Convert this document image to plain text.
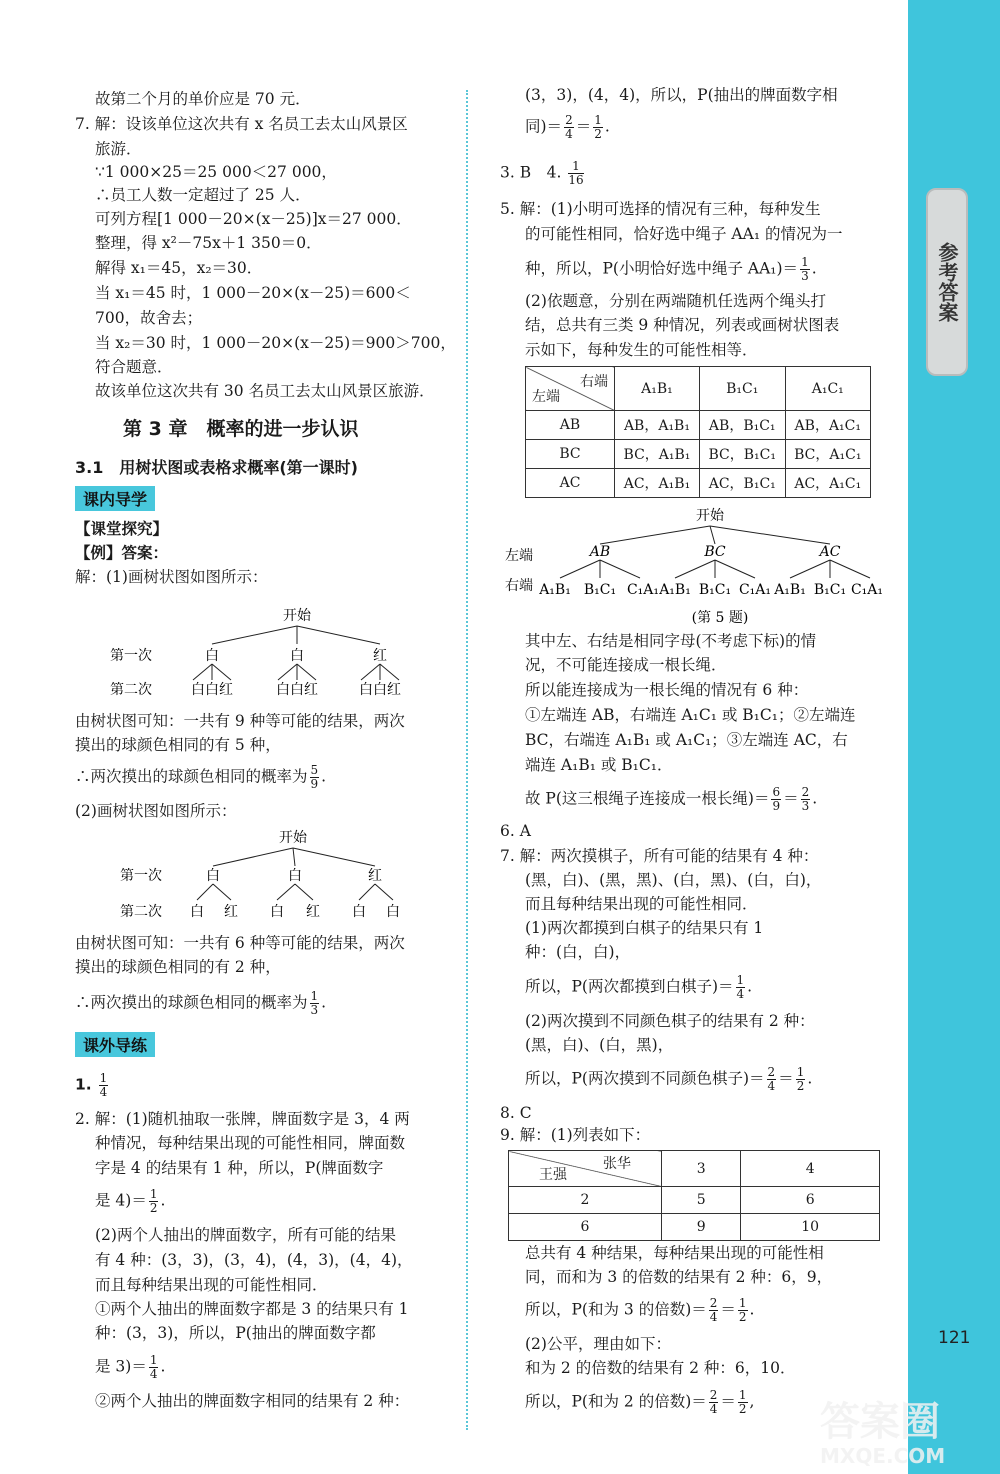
参考答案
121
故第二个月的单价应是 70 元．
7. 解：设该单位这次共有 x 名员工去太山风景区
旅游．
∵1 000×25＝25 000＜27 000，
∴员工人数一定超过了 25 人．
可列方程[1 000－20×(x－25)]x＝27 000．
整理，得 x²－75x＋1 350＝0．
解得 x₁＝45，x₂＝30．
当 x₁＝45 时，1 000－20×(x－25)＝600＜
700，故舍去；
当 x₂＝30 时，1 000－20×(x－25)＝900＞700，
符合题意．
故该单位这次共有 30 名员工去太山风景区旅游．
第 3 章　概率的进一步认识
3.1　用树状图或表格求概率(第一课时)
课内导学
【课堂探究】
【例】答案：
解：(1)画树状图如图所示：
开始
第一次	白	白	红
第二次	白白红	白白红	白白红
由树状图可知：一共有 9 种等可能的结果，两次
摸出的球颜色相同的有 5 种，
∴两次摸出的球颜色相同的概率为 $\frac{5}{9}$ .
(2)画树状图如图所示：
开始
第一次	白	白	红
第二次 白 红 白 红 白 白
由树状图可知：一共有 6 种等可能的结果，两次
摸出的球颜色相同的有 2 种，
∴两次摸出的球颜色相同的概率为 $\frac{1}{3}$ .
课外导练
1. $\frac{1}{4}$
2. 解：(1)随机抽取一张牌，牌面数字是 3，4 两
种情况，每种结果出现的可能性相同，牌面数
字是 4 的结果有 1 种，所以，P(牌面数字
是 $4)= \frac{1}{2}$ .
(2)两个人抽出的牌面数字，所有可能的结果
有 4 种：(3，3)，(3，4)，(4，3)，(4，4)，
而且每种结果出现的可能性相同．
①两个人抽出的牌面数字都是 3 的结果只有 1
种：(3，3)，所以，P(抽出的牌面数字都
是 $3)= \frac{1}{4}$ .
②两个人抽出的牌面数字相同的结果有 2 种：
(3，3)，(4，4)，所以，P(抽出的牌面数字相
同)＝ $\frac{2}{4} = \frac{1}{2}$ .
3. B　4. $\frac{1}{16}$
5. 解：(1)小明可选择的情况有三种，每种发生
的可能性相同，恰好选中绳子 AA₁ 的情况为一
种，所以，P(小明恰好选中绳子 $AA_1)= \frac{1}{3}$ .
(2)依题意，分别在两端随机任选两个绳头打
结，总共有三类 9 种情况，列表或画树状图表
示如下，每种发生的可能性相等．
右端
左端	A₁B₁	B₁C₁	A₁C₁
AB	AB，A₁B₁	AB，B₁C₁	AB，A₁C₁
BC	BC，A₁B₁	BC，B₁C₁	BC，A₁C₁
AC	AC，A₁B₁	AC，B₁C₁	AC，A₁C₁
开始
左端	AB	BC	AC
右端 A₁B₁ B₁C₁ C₁A₁ A₁B₁ B₁C₁ C₁A₁ A₁B₁ B₁C₁ C₁A₁
(第 5 题)
其中左、右结是相同字母(不考虑下标)的情
况，不可能连接成一根长绳．
所以能连接成为一根长绳的情况有 6 种：
①左端连 AB，右端连 A₁C₁ 或 B₁C₁；②左端连
BC，右端连 A₁B₁ 或 A₁C₁；③左端连 AC，右
端连 A₁B₁ 或 B₁C₁．
故 P(这三根绳子连接成一根长绳)＝ $\frac{6}{9} = \frac{2}{3}$ .
6. A
7. 解：两次摸棋子，所有可能的结果有 4 种：
(黑，白)、(黑，黑)、(白，黑)、(白，白)，
而且每种结果出现的可能性相同．
(1)两次都摸到白棋子的结果只有 1
种：(白，白)，
所以，P(两次都摸到白棋子)＝ $\frac{1}{4}$ .
(2)两次摸到不同颜色棋子的结果有 2 种：
(黑，白)、(白，黑)，
所以，P(两次摸到不同颜色棋子)＝ $\frac{2}{4} = \frac{1}{2}$ .
8. C
9. 解：(1)列表如下：
张华
王强	3	4
2	5	6
6	9	10
总共有 4 种结果，每种结果出现的可能性相
同，而和为 3 的倍数的结果有 2 种：6，9，
所以，P(和为 3 的倍数)＝ $\frac{2}{4} = \frac{1}{2}$ .
(2)公平，理由如下：
和为 2 的倍数的结果有 2 种：6，10．
所以，P(和为 2 的倍数)＝ $\frac{2}{4} = \frac{1}{2}$ , 答案圈
MXQE.COM
